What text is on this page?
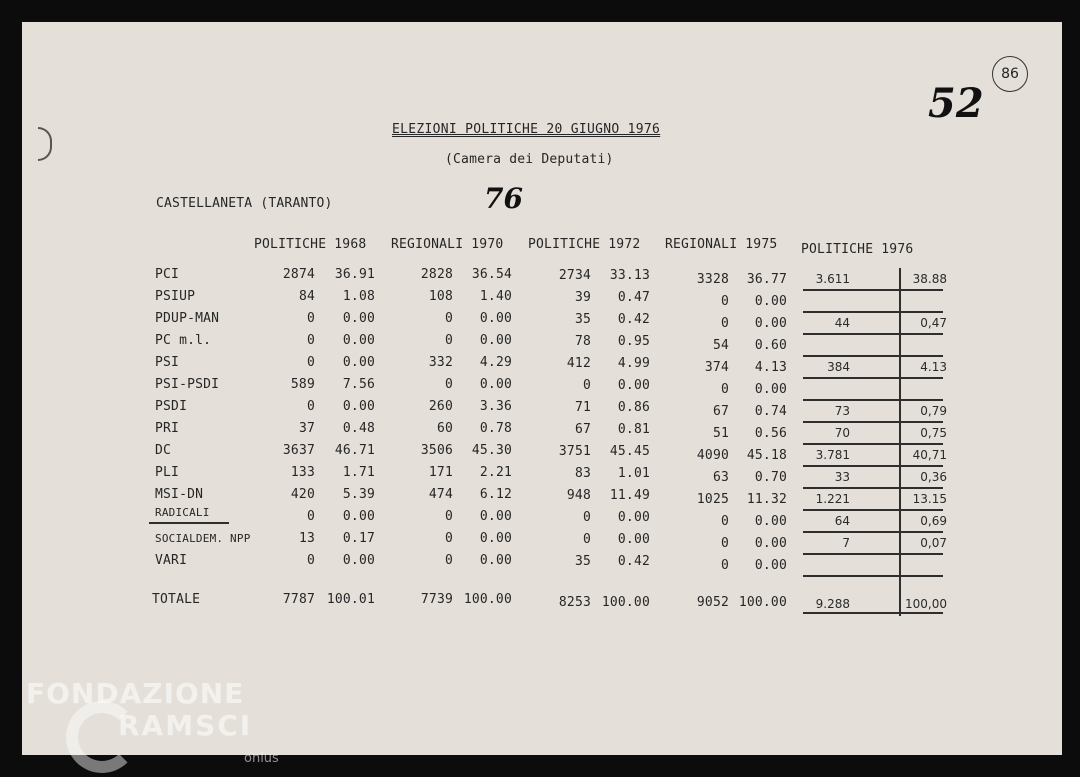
52
86
76
ELEZIONI POLITICHE 20 GIUGNO 1976
(Camera dei Deputati)
CASTELLANETA (TARANTO)
POLITICHE 1968 REGIONALI 1970 POLITICHE 1972 REGIONALI 1975 POLITICHE 1976
PCI	2874	36.91	2828	36.54	2734	33.13	3328	36.77	3.611	38.88
PSIUP	84	1.08	108	1.40	39	0.47	0	0.00
PDUP-MAN	0	0.00	0	0.00	35	0.42	0	0.00	44	0,47
PC m.l.	0	0.00	0	0.00	78	0.95	54	0.60
PSI	0	0.00	332	4.29	412	4.99	374	4.13	384	4.13
PSI-PSDI	589	7.56	0	0.00	0	0.00	0	0.00
PSDI	0	0.00	260	3.36	71	0.86	67	0.74	73	0,79
PRI	37	0.48	60	0.78	67	0.81	51	0.56	70	0,75
DC	3637	46.71	3506	45.30	3751	45.45	4090	45.18	3.781	40,71
PLI	133	1.71	171	2.21	83	1.01	63	0.70	33	0,36
MSI-DN	420	5.39	474	6.12	948	11.49	1025	11.32	1.221	13.15
RADICALI	0	0.00	0	0.00	0	0.00	0	0.00	64	0,69
SOCIALDEM. NPP	13	0.17	0	0.00	0	0.00	0	0.00	7	0,07
VARI	0	0.00	0	0.00	35	0.42	0	0.00
TOTALE	7787 100.01	7739 100.00	8253 100.00	9052 100.00	9.288	100,00
FONDAZIONE
RAMSCI
onlus
